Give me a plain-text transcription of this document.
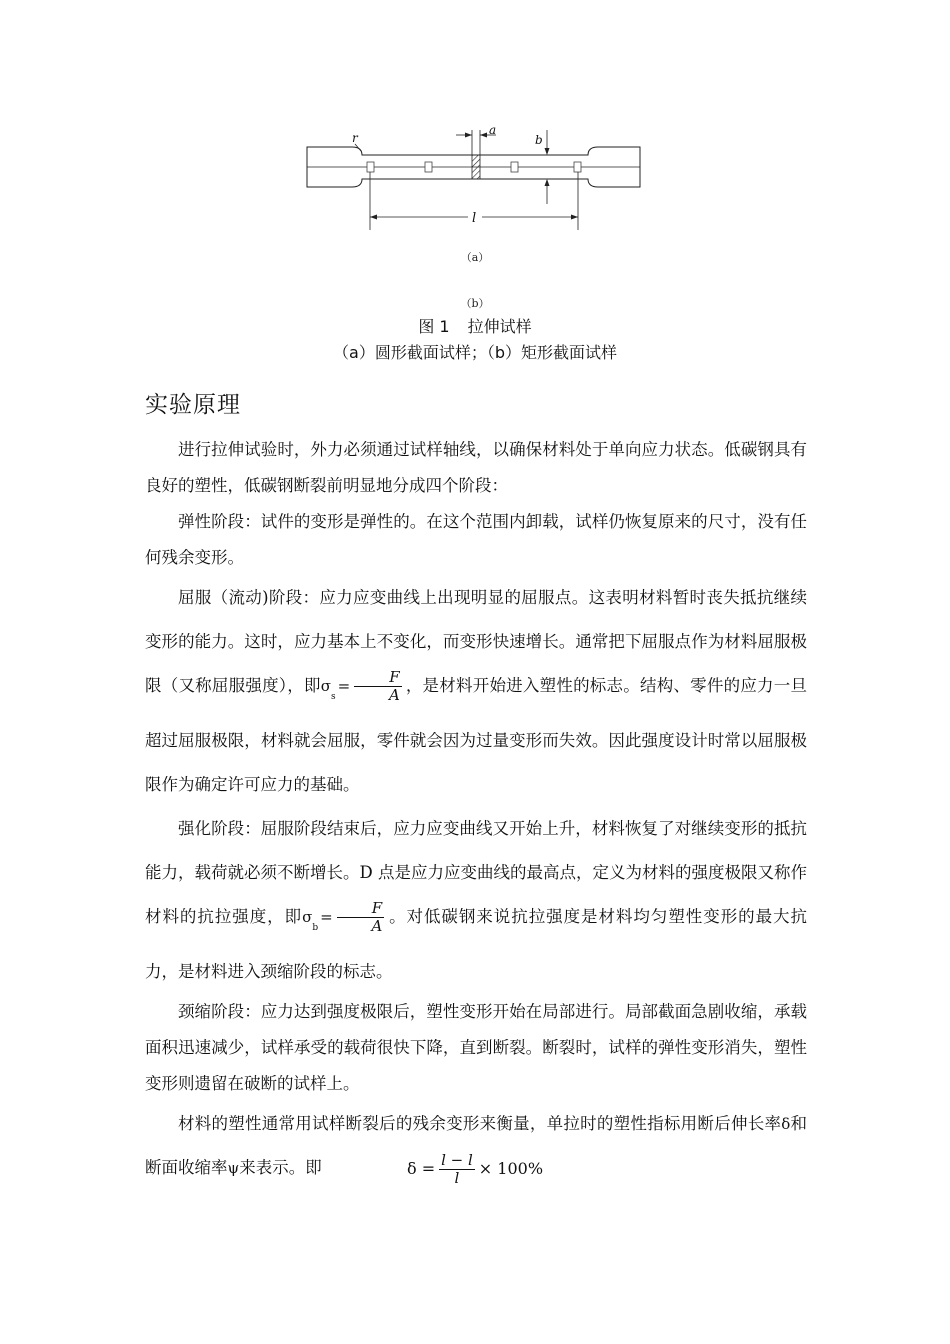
a
r	b
l
（a）
（b）
图 1 拉伸试样
（a）圆形截面试样；（b）矩形截面试样
实验原理

进行拉伸试验时，外力必须通过试样轴线，以确保材料处于单向应力状态。低碳钢具有良好的塑性，低碳钢断裂前明显地分成四个阶段：

弹性阶段：试件的变形是弹性的。在这个范围内卸载，试样仍恢复原来的尺寸，没有任何残余变形。

屈服（流动)阶段：应力应变曲线上出现明显的屈服点。这表明材料暂时丧失抵抗继续变形的能力。这时，应力基本上不变化，而变形快速增长。通常把下屈服点作为材料屈服极限（又称屈服强度），即$\sigma_s= \frac{F}{A}$ ，是材料开始进入塑性的标志。结构、零件的应力一旦超过屈服极限，材料就会屈服，零件就会因为过量变形而失效。因此强度设计时常以屈服极限作为确定许可应力的基础。

强化阶段：屈服阶段结束后，应力应变曲线又开始上升，材料恢复了对继续变形的抵抗能力，载荷就必须不断增长。D 点是应力应变曲线的最高点，定义为材料的强度极限又称作材料的抗拉强度，即$\sigma_b= \frac{F}{A}$ 。对低碳钢来说抗拉强度是材料均匀塑性变形的最大抗力，是材料进入颈缩阶段的标志。

颈缩阶段：应力达到强度极限后，塑性变形开始在局部进行。局部截面急剧收缩，承载面积迅速减少，试样承受的载荷很快下降，直到断裂。断裂时，试样的弹性变形消失，塑性变形则遗留在破断的试样上。

材料的塑性通常用试样断裂后的残余变形来衡量，单拉时的塑性指标用断后伸长率δ和断面收缩率ψ来表示。即	$\delta = \frac{l - l}{l} \times 100\%$
